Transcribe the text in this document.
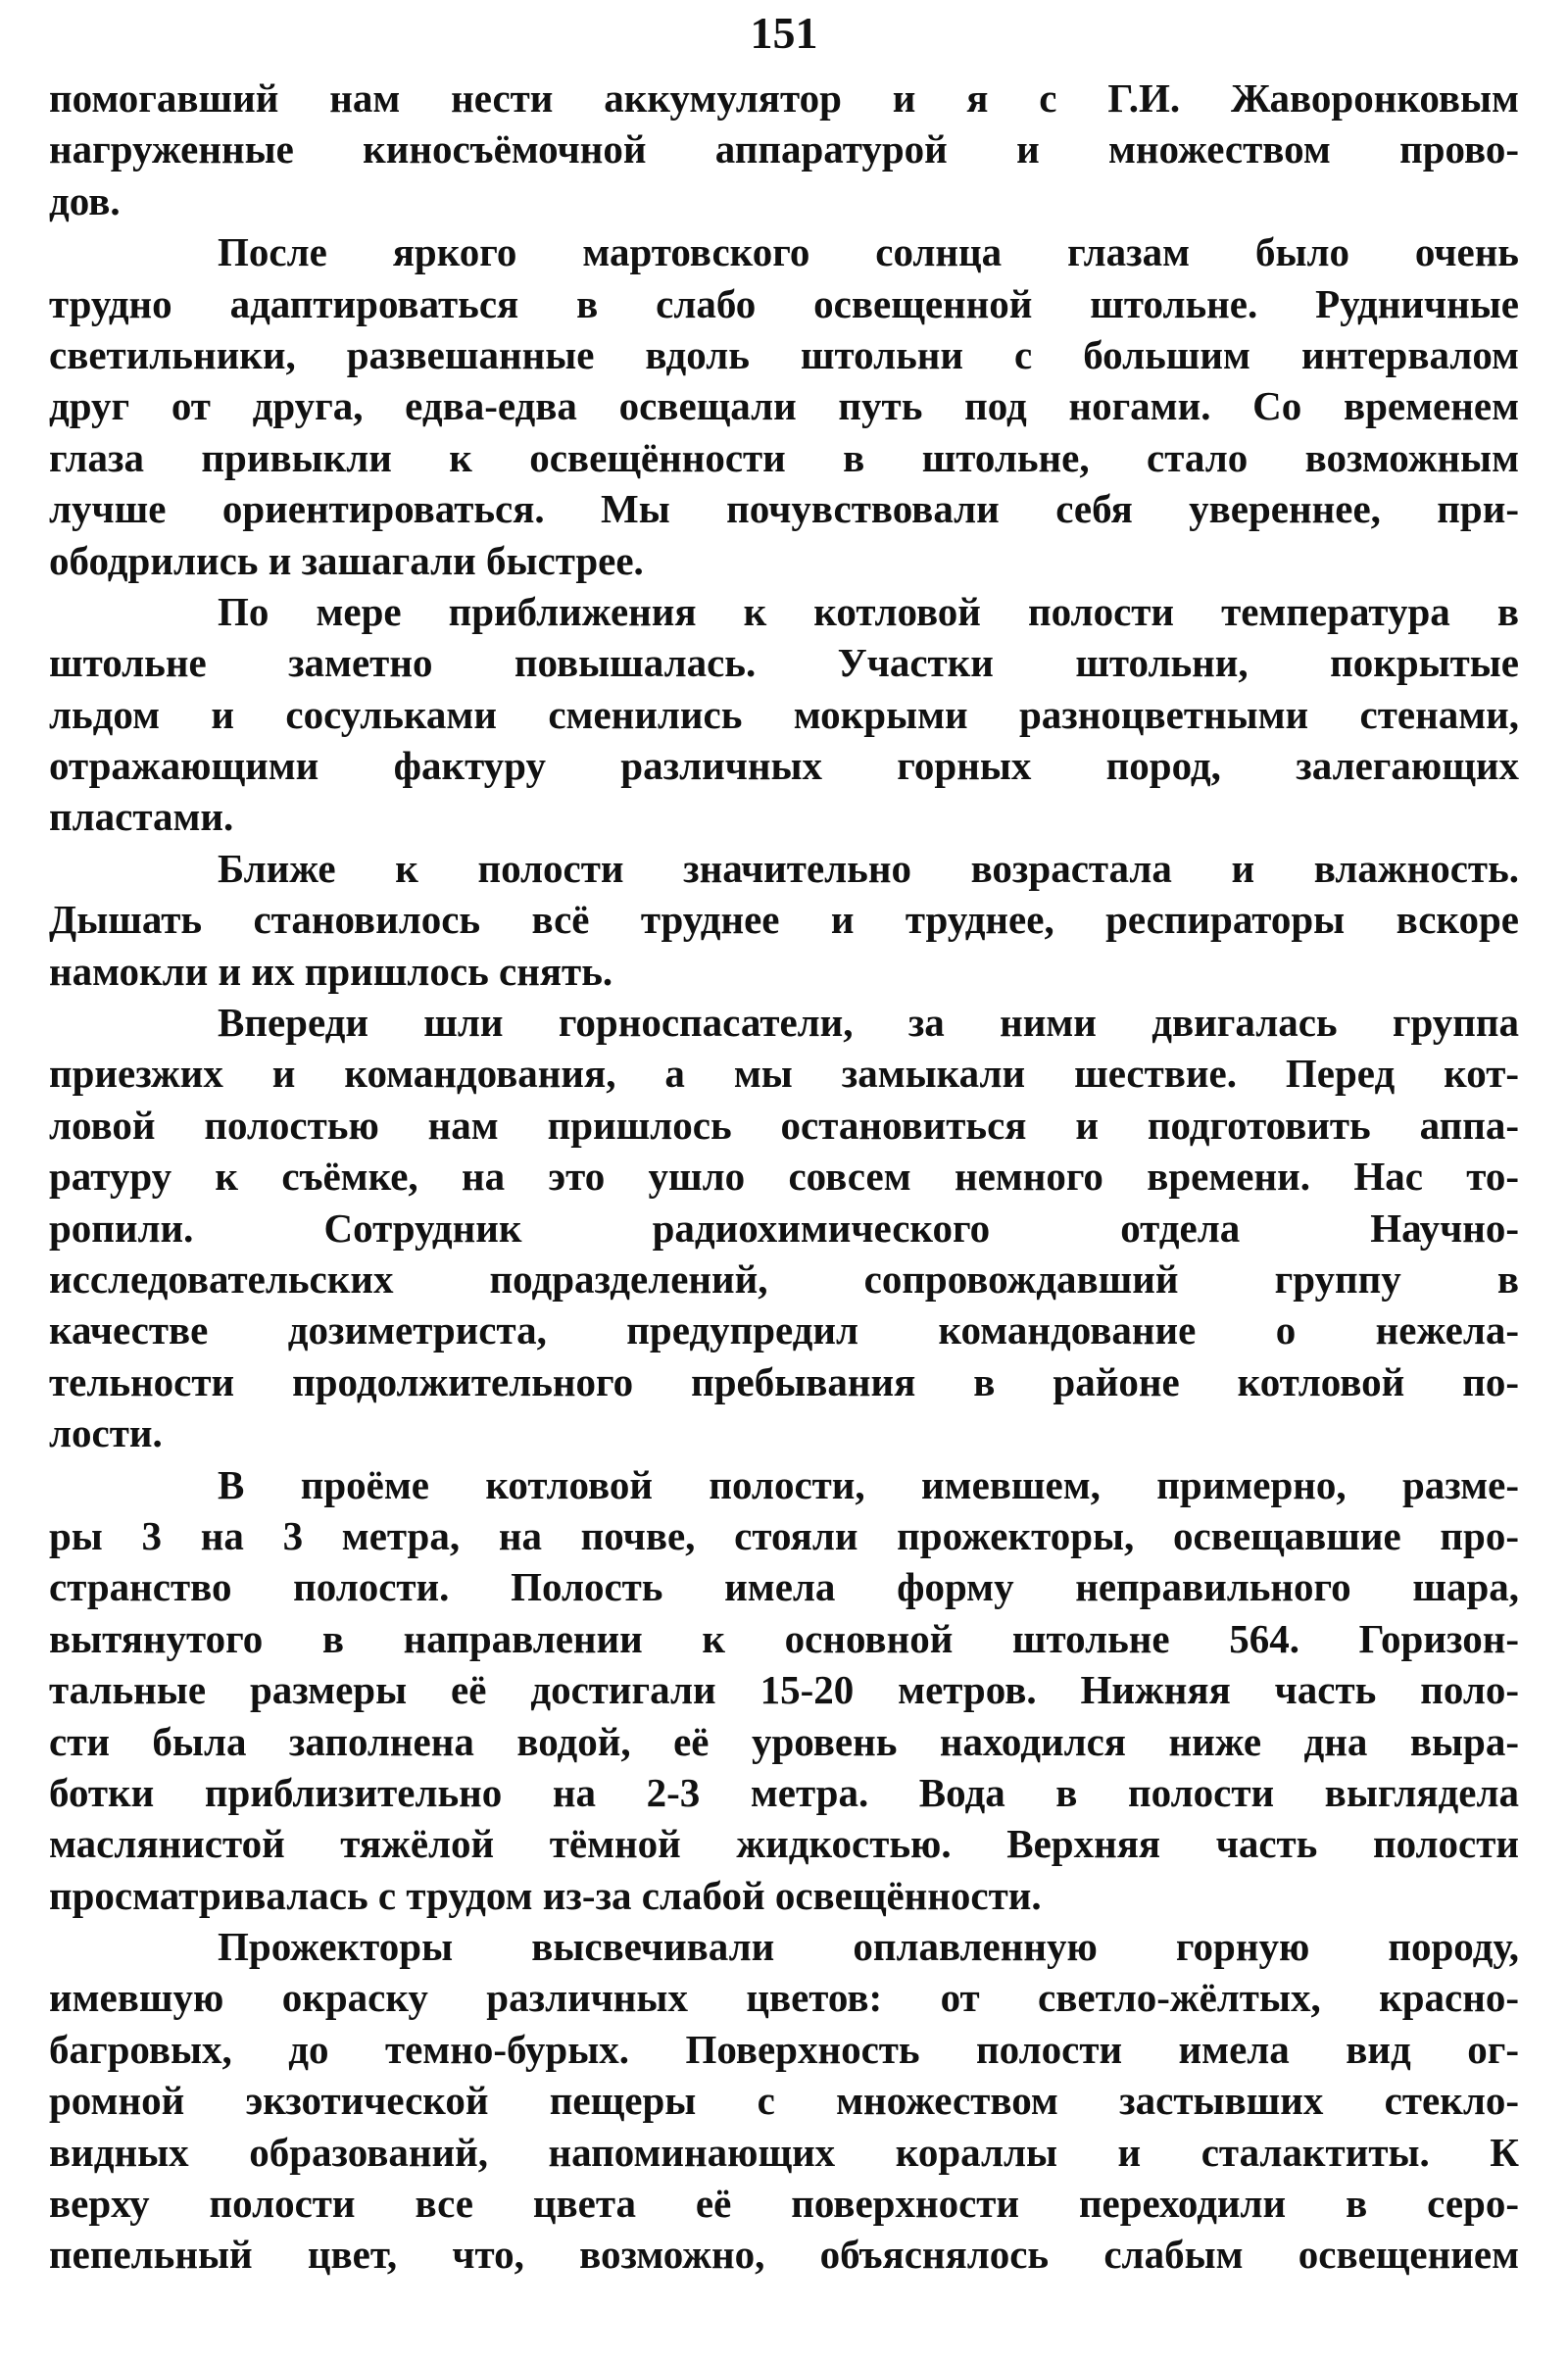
151
помогавший нам нести аккумулятор и я с Г.И. Жаворонковым
нагруженные киносъёмочной аппаратурой и множеством прово-
дов.
После яркого мартовского солнца глазам было очень
трудно адаптироваться в слабо освещенной штольне. Рудничные
светильники, развешанные вдоль штольни с большим интервалом
друг от друга, едва-едва освещали путь под ногами. Со временем
глаза привыкли к освещённости в штольне, стало возможным
лучше ориентироваться. Мы почувствовали себя увереннее, при-
ободрились и зашагали быстрее.
По мере приближения к котловой полости температура в
штольне заметно повышалась. Участки штольни, покрытые
льдом и сосульками сменились мокрыми разноцветными стенами,
отражающими фактуру различных горных пород, залегающих
пластами.
Ближе к полости значительно возрастала и влажность.
Дышать становилось всё труднее и труднее, респираторы вскоре
намокли и их пришлось снять.
Впереди шли горноспасатели, за ними двигалась группа
приезжих и командования, а мы замыкали шествие. Перед кот-
ловой полостью нам пришлось остановиться и подготовить аппа-
ратуру к съёмке, на это ушло совсем немного времени. Нас то-
ропили. Сотрудник радиохимического отдела Научно-
исследовательских подразделений, сопровождавший группу в
качестве дозиметриста, предупредил командование о нежела-
тельности продолжительного пребывания в районе котловой по-
лости.
В проёме котловой полости, имевшем, примерно, разме-
ры 3 на 3 метра, на почве, стояли прожекторы, освещавшие про-
странство полости. Полость имела форму неправильного шара,
вытянутого в направлении к основной штольне 564. Горизон-
тальные размеры её достигали 15-20 метров. Нижняя часть поло-
сти была заполнена водой, её уровень находился ниже дна выра-
ботки приблизительно на 2-3 метра. Вода в полости выглядела
маслянистой тяжёлой тёмной жидкостью. Верхняя часть полости
просматривалась с трудом из-за слабой освещённости.
Прожекторы высвечивали оплавленную горную породу,
имевшую окраску различных цветов: от светло-жёлтых, красно-
багровых, до темно-бурых. Поверхность полости имела вид ог-
ромной экзотической пещеры с множеством застывших стекло-
видных образований, напоминающих кораллы и сталактиты. К
верху полости все цвета её поверхности переходили в серо-
пепельный цвет, что, возможно, объяснялось слабым освещением
